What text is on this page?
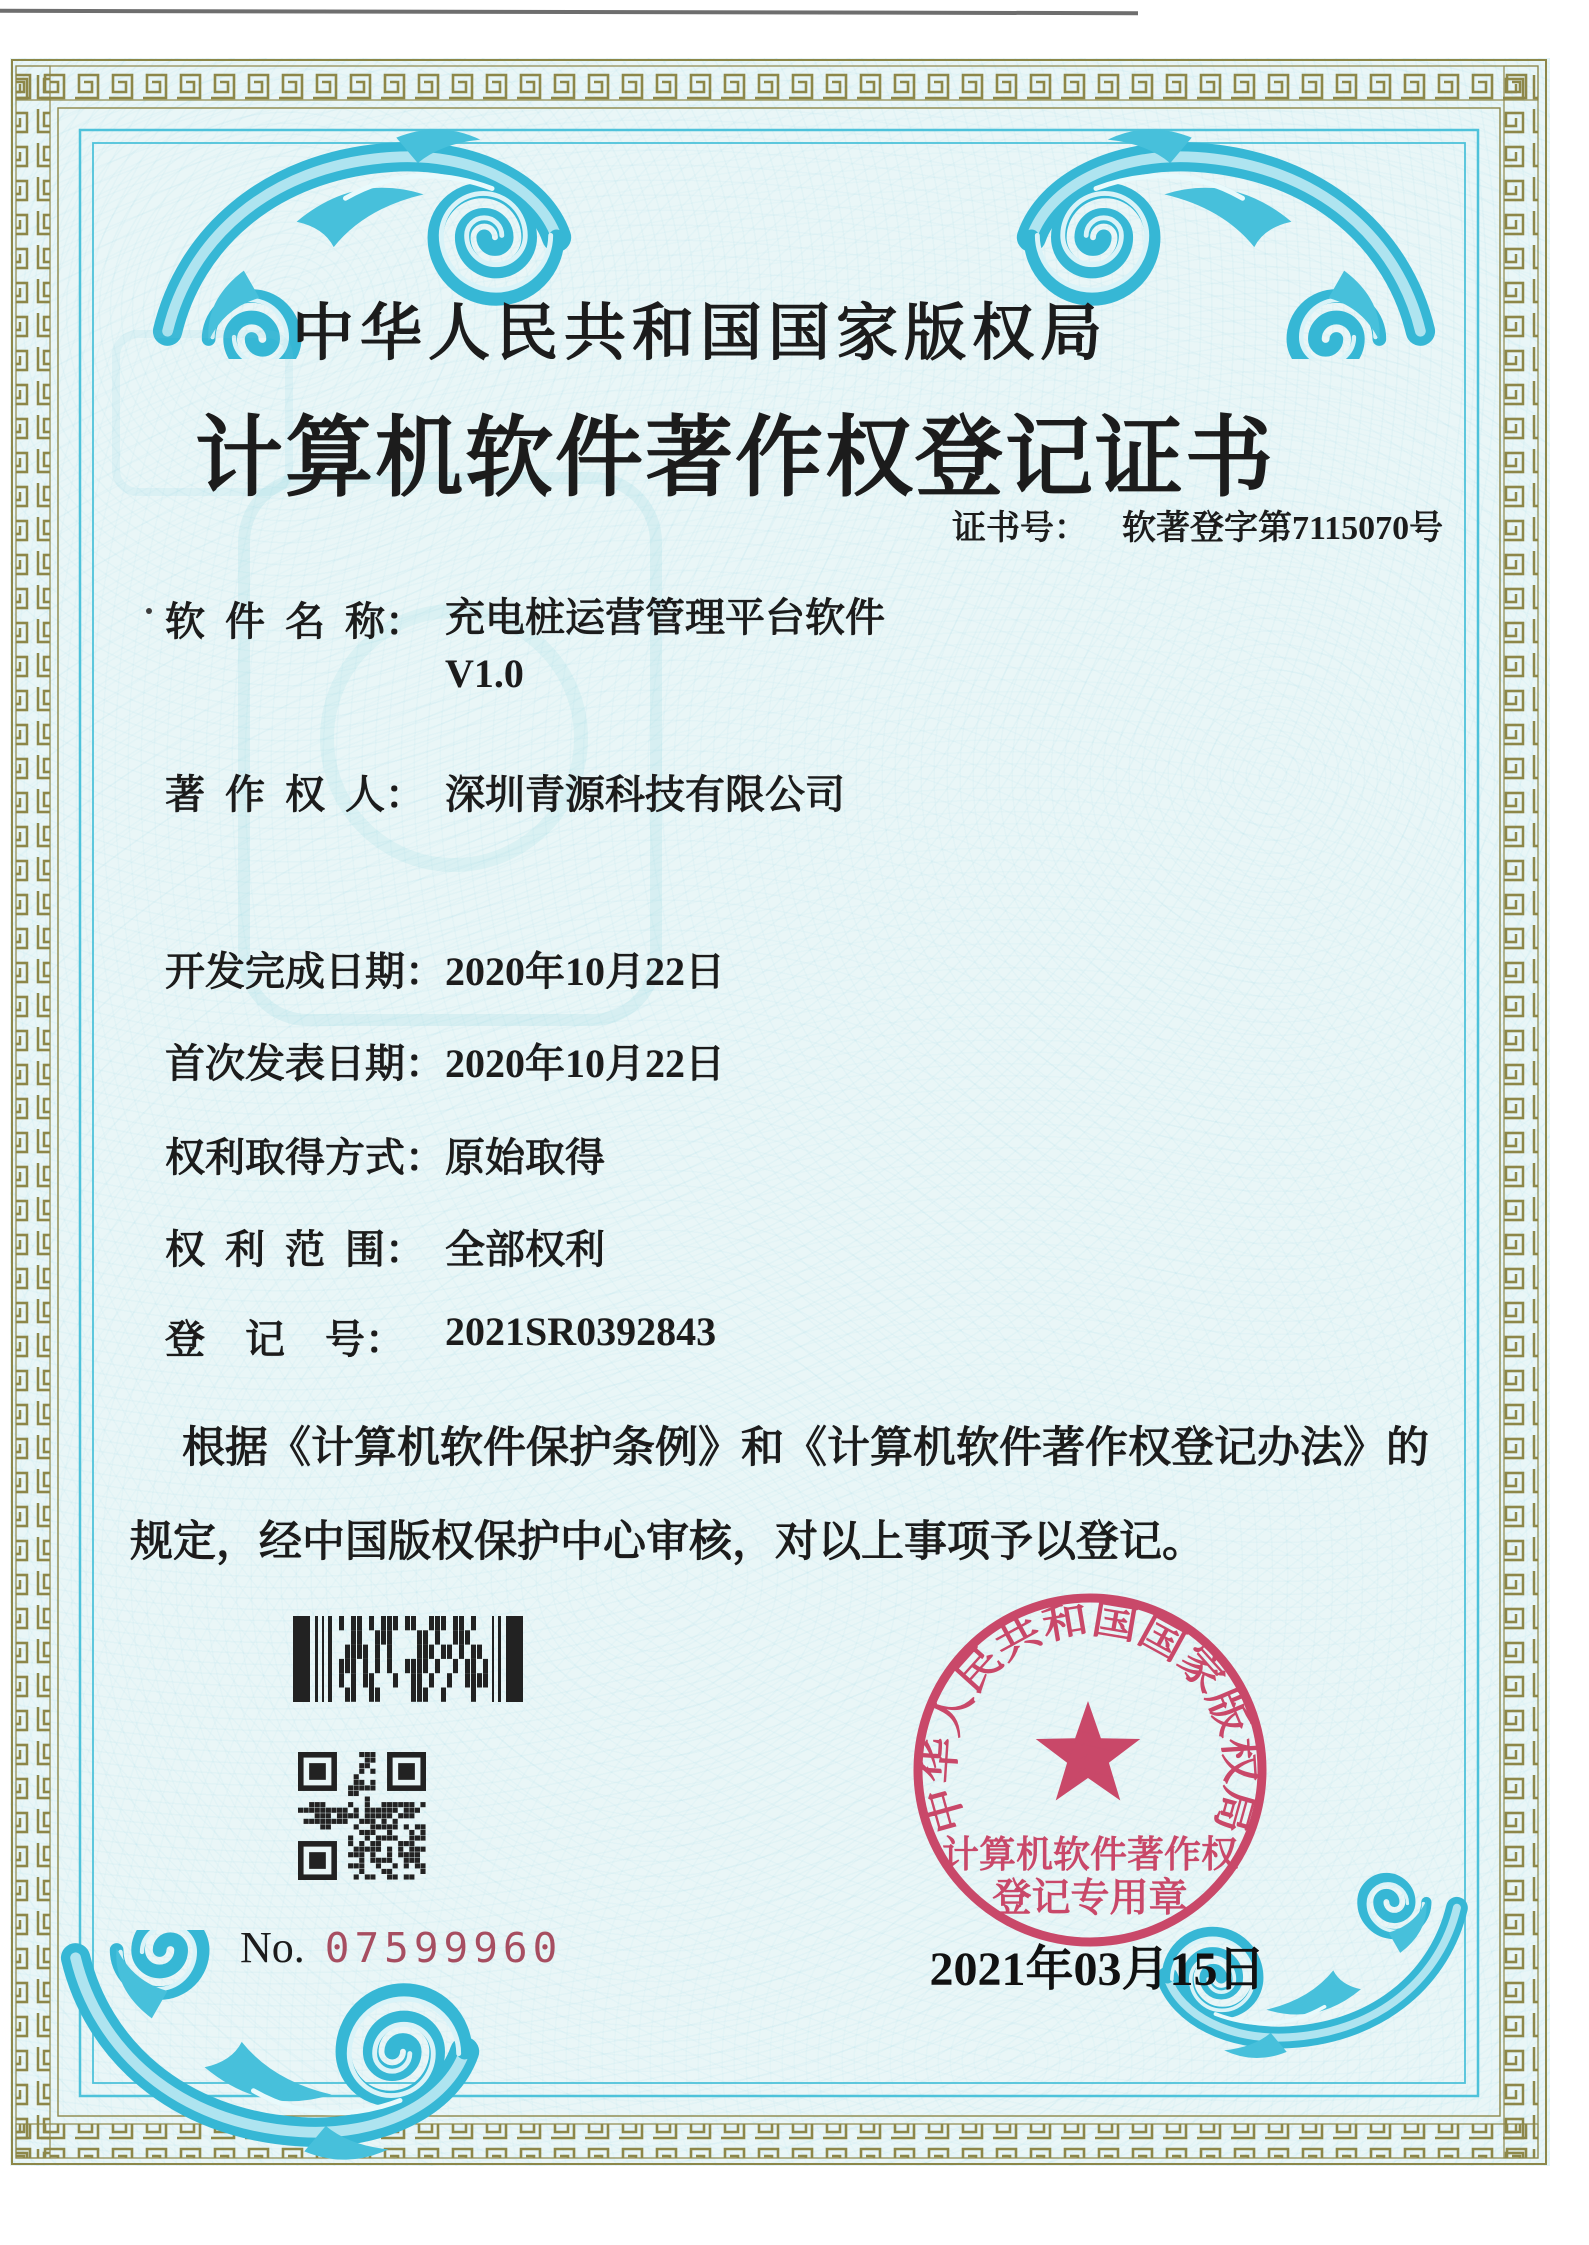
中华人民共和国国家版权局
计算机软件著作权登记证书
证书号： 软著登字第7115070号
软 件 名 称： 充电桩运营管理平台软件
V1.0
著 作 权 人： 深圳青源科技有限公司
开发完成日期： 2020年10月22日
首次发表日期： 2020年10月22日
权利取得方式： 原始取得
权 利 范 围： 全部权利
登　记　号： 2021SR0392843
根据《计算机软件保护条例》和《计算机软件著作权登记办法》的
规定，经中国版权保护中心审核，对以上事项予以登记。
No. 07599960
中华人民共和国国家版权局
计算机软件著作权
登记专用章
2021年03月15日
